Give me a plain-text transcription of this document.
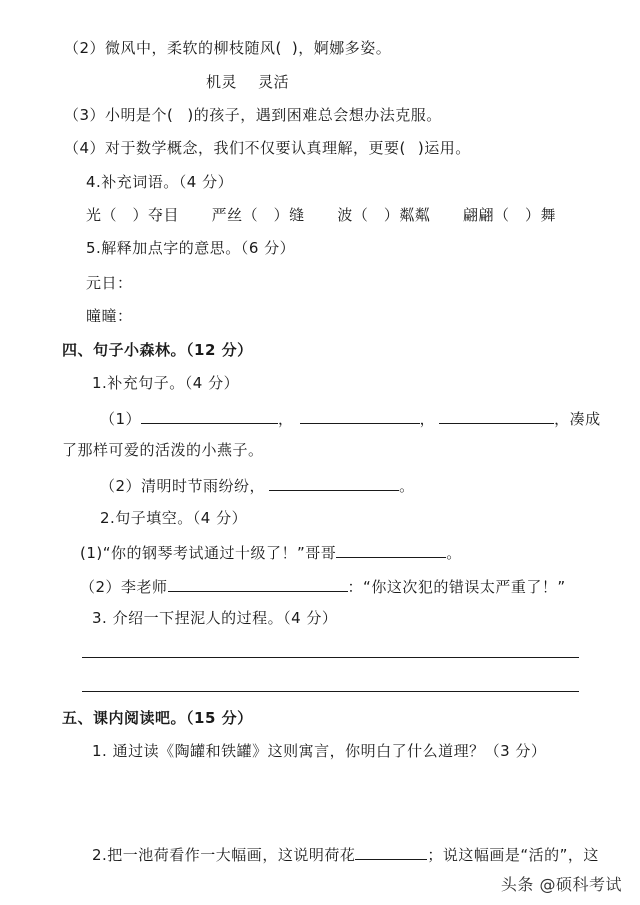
（2）微风中，柔软的柳枝随风( )，婀娜多姿。
机灵    灵活
（3）小明是个( )的孩子，遇到困难总会想办法克服。
（4）对于数学概念，我们不仅要认真理解，更要( )运用。
4.补充词语。（4 分）
光（　）夺目 严丝（　）缝 波（　）粼粼 翩翩（　）舞
5.解释加点字的意思。（6 分）
元日：
曈曈：
四、句子小森林。（12 分）
1.补充句子。（4 分）
（1）	，	，	，凑成
了那样可爱的活泼的小燕子。
（2）清明时节雨纷纷，	。
2.句子填空。（4 分）
(1)“你的钢琴考试通过十级了！”哥哥	。
（2）李老师	：“你这次犯的错误太严重了！”
3. 介绍一下捏泥人的过程。（4 分）
五、课内阅读吧。（15 分）
1. 通过读《陶罐和铁罐》这则寓言，你明白了什么道理？（3 分）
2.把一池荷看作一大幅画，这说明荷花	；说这幅画是“活的”，这
头条 @硕科考试
